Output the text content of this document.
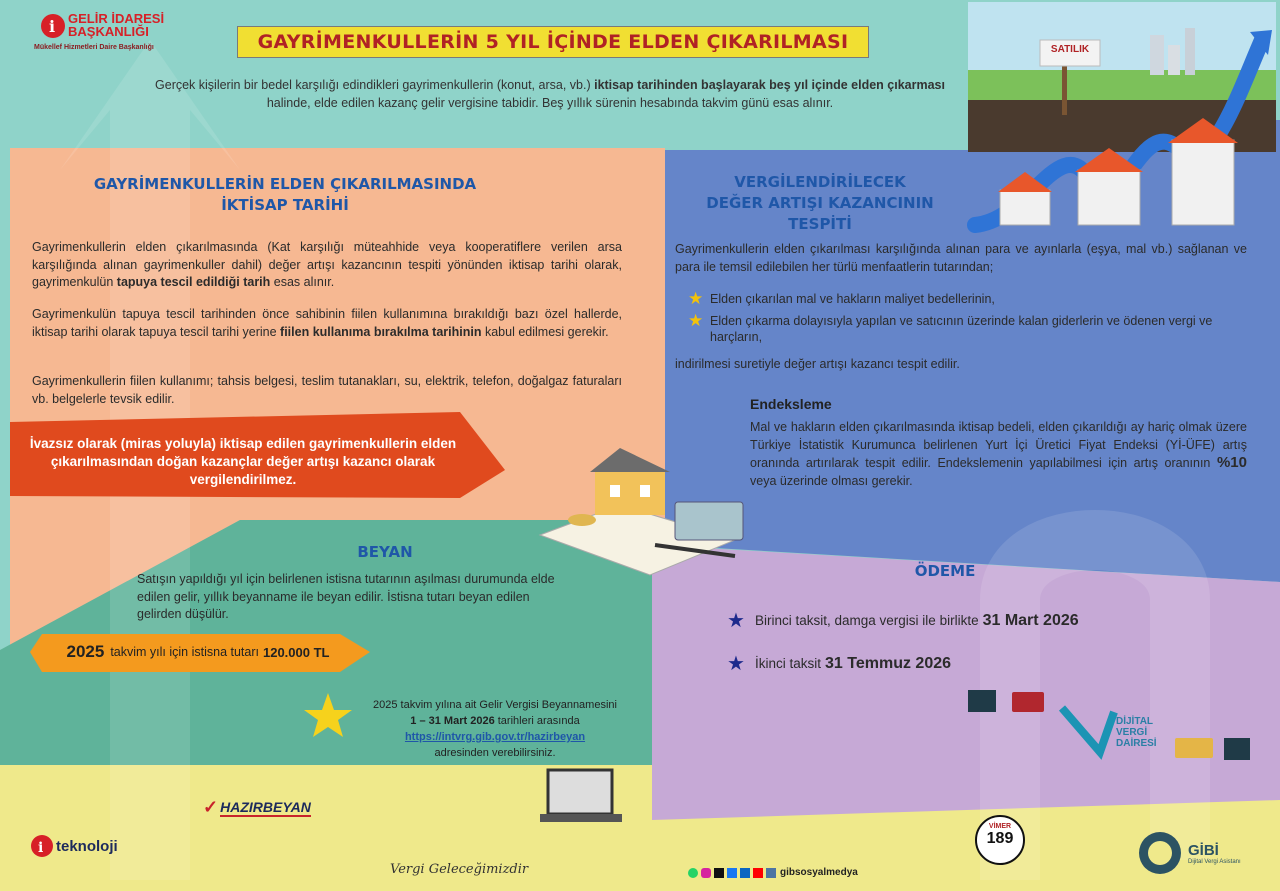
i GELİR İDARESİ
BAŞKANLIĞI
Mükellef Hizmetleri Daire Başkanlığı	GAYRİMENKULLERİN 5 YIL İÇİNDE ELDEN ÇIKARILMASI
Gerçek kişilerin bir bedel karşılığı edindikleri gayrimenkullerin (konut, arsa, vb.) iktisap tarihinden başlayarak beş yıl içinde elden çıkarması halinde, elde edilen kazanç gelir vergisine tabidir. Beş yıllık sürenin hesabında takvim günü esas alınır.
SATILIK
GAYRİMENKULLERİN ELDEN ÇIKARILMASINDA
İKTİSAP TARİHİ
Gayrimenkullerin elden çıkarılmasında (Kat karşılığı müteahhide veya kooperatiflere verilen arsa karşılığında alınan gayrimenkuller dahil) değer artışı kazancının tespiti yönünden iktisap tarihi olarak, gayrimenkulün tapuya tescil edildiği tarih esas alınır.
Gayrimenkulün tapuya tescil tarihinden önce sahibinin fiilen kullanımına bırakıldığı bazı özel hallerde, iktisap tarihi olarak tapuya tescil tarihi yerine fiilen kullanıma bırakılma tarihinin kabul edilmesi gerekir.
Gayrimenkullerin fiilen kullanımı; tahsis belgesi, teslim tutanakları, su, elektrik, telefon, doğalgaz faturaları vb. belgelerle tevsik edilir.
İvazsız olarak (miras yoluyla) iktisap edilen gayrimenkullerin elden çıkarılmasından doğan kazançlar değer artışı kazancı olarak vergilendirilmez.
VERGİLENDİRİLECEK
DEĞER ARTIŞI KAZANCININ
TESPİTİ
Gayrimenkullerin elden çıkarılması karşılığında alınan para ve ayınlarla (eşya, mal vb.) sağlanan ve para ile temsil edilebilen her türlü menfaatlerin tutarından;
★ Elden çıkarılan mal ve hakların maliyet bedellerinin,
★ Elden çıkarma dolayısıyla yapılan ve satıcının üzerinde kalan giderlerin ve ödenen vergi ve harçların,
indirilmesi suretiyle değer artışı kazancı tespit edilir.
Endeksleme
Mal ve hakların elden çıkarılmasında iktisap bedeli, elden çıkarıldığı ay hariç olmak üzere Türkiye İstatistik Kurumunca belirlenen Yurt İçi Üretici Fiyat Endeksi (Yİ-ÜFE) artış oranında artırılarak tespit edilir. Endekslemenin yapılabilmesi için artış oranının %10 veya üzerinde olması gerekir.
BEYAN
Satışın yapıldığı yıl için belirlenen istisna tutarının aşılması durumunda elde edilen gelir, yıllık beyanname ile beyan edilir. İstisna tutarı beyan edilen gelirden düşülür.
2025 takvim yılı için istisna tutarı 120.000 TL
2025 takvim yılına ait Gelir Vergisi Beyannamesini
1 – 31 Mart 2026 tarihleri arasında
https://intvrg.gib.gov.tr/hazirbeyan
adresinden verebilirsiniz.
✓ HAZIRBEYAN
ÖDEME
★ Birinci taksit, damga vergisi ile birlikte 31 Mart 2026
★ İkinci taksit 31 Temmuz 2026
DİJİTAL
VERGİ
DAİRESİ
i teknoloji
Vergi Geleceğimizdir	gibsosyalmedya
VİMER
189
GİBİ
Dijital Vergi Asistanı
